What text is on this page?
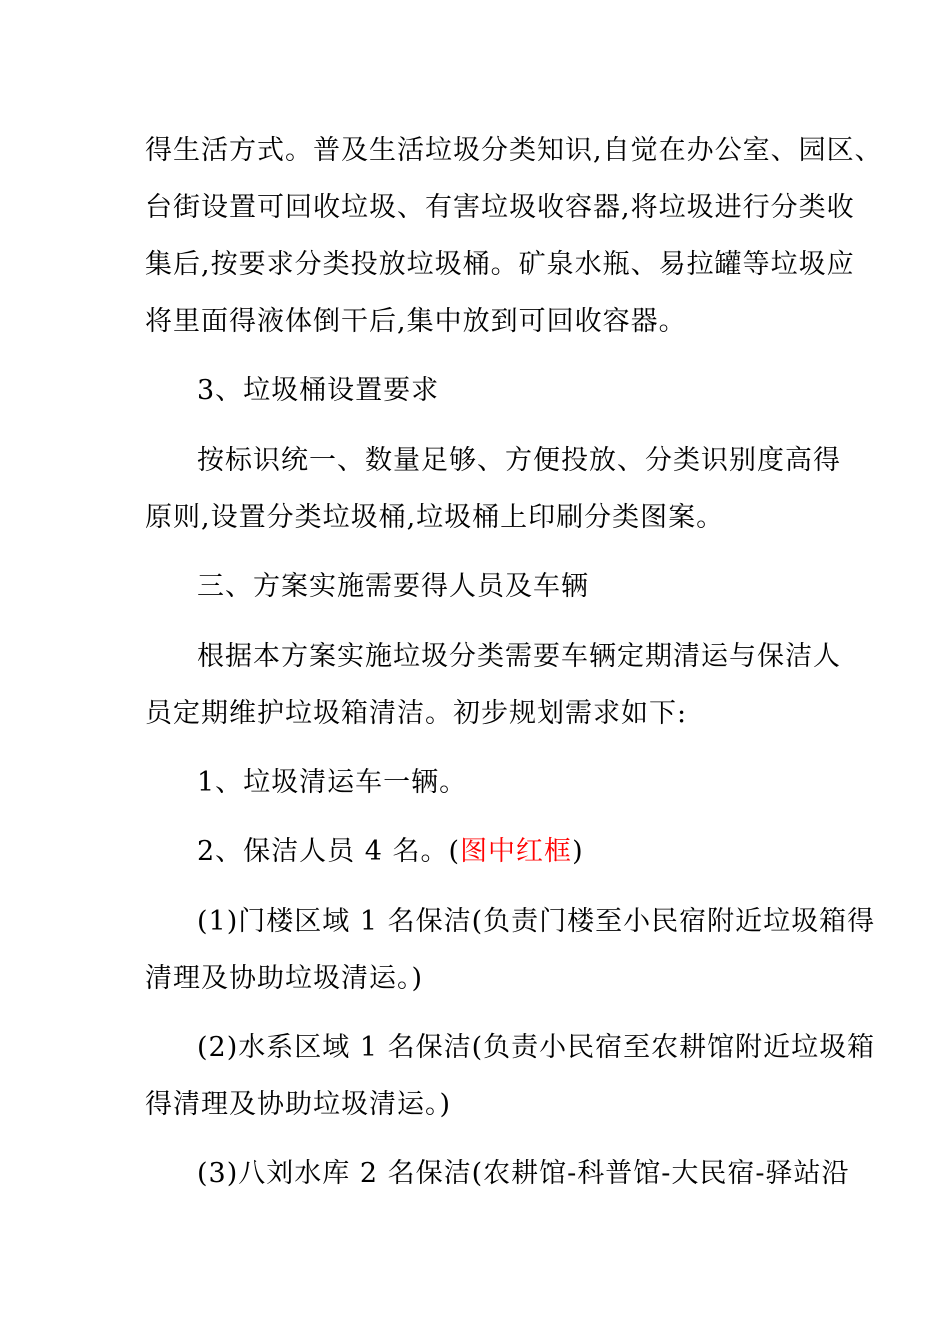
得生活方式。普及生活垃圾分类知识,自觉在办公室、园区、
台街设置可回收垃圾、有害垃圾收容器,将垃圾进行分类收
集后,按要求分类投放垃圾桶。矿泉水瓶、易拉罐等垃圾应
将里面得液体倒干后,集中放到可回收容器。
3、垃圾桶设置要求
按标识统一、数量足够、方便投放、分类识别度高得
原则,设置分类垃圾桶,垃圾桶上印刷分类图案。
三、方案实施需要得人员及车辆
根据本方案实施垃圾分类需要车辆定期清运与保洁人
员定期维护垃圾箱清洁。初步规划需求如下:
1、垃圾清运车一辆。
2、保洁人员 4 名。(图中红框)
(1)门楼区域 1 名保洁(负责门楼至小民宿附近垃圾箱得
清理及协助垃圾清运。)
(2)水系区域 1 名保洁(负责小民宿至农耕馆附近垃圾箱
得清理及协助垃圾清运。)
(3)八刘水库 2 名保洁(农耕馆-科普馆-大民宿-驿站沿
